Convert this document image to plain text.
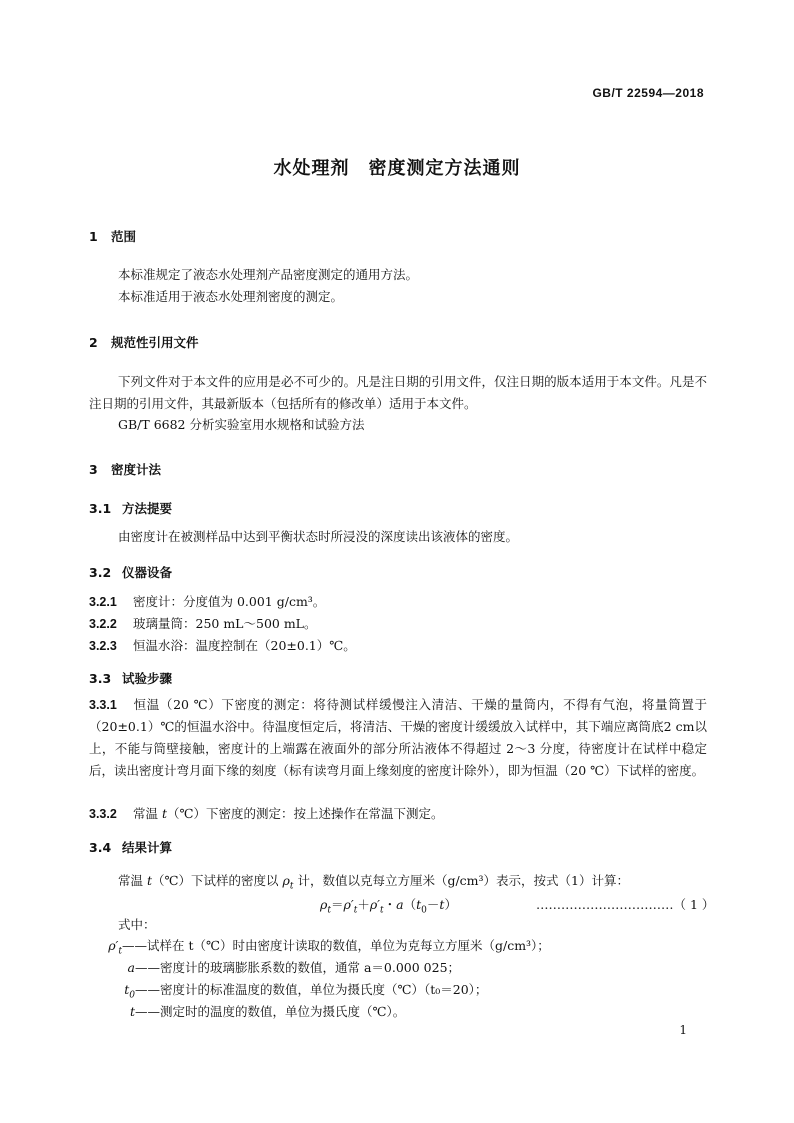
GB/T 22594—2018
水处理剂　密度测定方法通则
1 范围
本标准规定了液态水处理剂产品密度测定的通用方法。
本标准适用于液态水处理剂密度的测定。
2 规范性引用文件
下列文件对于本文件的应用是必不可少的。凡是注日期的引用文件，仅注日期的版本适用于本文件。凡是不注日期的引用文件，其最新版本（包括所有的修改单）适用于本文件。
GB/T 6682 分析实验室用水规格和试验方法
3 密度计法
3.1 方法提要
由密度计在被测样品中达到平衡状态时所浸没的深度读出该液体的密度。
3.2 仪器设备
3.2.1 密度计：分度值为 0.001 g/cm³。
3.2.2 玻璃量筒：250 mL～500 mL。
3.2.3 恒温水浴：温度控制在（20±0.1）℃。
3.3 试验步骤
3.3.1 恒温（20 ℃）下密度的测定：将待测试样缓慢注入清洁、干燥的量筒内，不得有气泡，将量筒置于（20±0.1）℃的恒温水浴中。待温度恒定后，将清洁、干燥的密度计缓缓放入试样中，其下端应离筒底2 cm以上，不能与筒壁接触，密度计的上端露在液面外的部分所沾液体不得超过 2～3 分度，待密度计在试样中稳定后，读出密度计弯月面下缘的刻度（标有读弯月面上缘刻度的密度计除外），即为恒温（20 ℃）下试样的密度。
3.3.2 常温 t（℃）下密度的测定：按上述操作在常温下测定。
3.4 结果计算
常温 t（℃）下试样的密度以 $\rho_t$ 计，数值以克每立方厘米（g/cm³）表示，按式（1）计算：
$\rho_t=\rho'_t+\rho'_t$・$a(t_0-t)$	……………………………（ 1 ）
式中：
$\rho'_t——$试样在 t（℃）时由密度计读取的数值，单位为克每立方厘米（g/cm³）；
a——密度计的玻璃膨胀系数的数值，通常 a＝0.000 025；
$t_0——$密度计的标准温度的数值，单位为摄氏度（℃）（t₀＝20）；
t——测定时的温度的数值，单位为摄氏度（℃）。
1
